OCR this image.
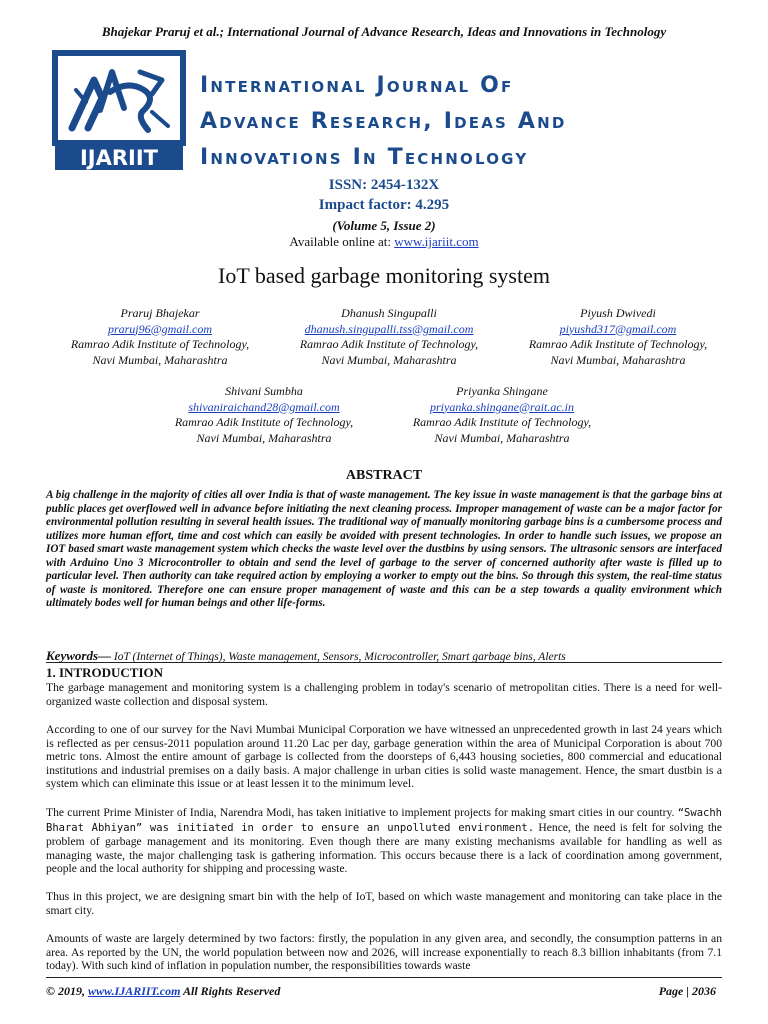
Bhajekar Praruj et al.; International Journal of Advance Research, Ideas and Innovations in Technology
IJARIIT
International Journal Of
Advance Research, Ideas And
Innovations In Technology
ISSN: 2454-132X
Impact factor: 4.295
(Volume 5, Issue 2)
Available online at: www.ijariit.com
IoT based garbage monitoring system
Praruj Bhajekar
praruj96@gmail.com
Ramrao Adik Institute of Technology,
Navi Mumbai, Maharashtra
Dhanush Singupalli
dhanush.singupalli.tss@gmail.com
Ramrao Adik Institute of Technology,
Navi Mumbai, Maharashtra
Piyush Dwivedi
piyushd317@gmail.com
Ramrao Adik Institute of Technology,
Navi Mumbai, Maharashtra
Shivani Sumbha
shivaniraichand28@gmail.com
Ramrao Adik Institute of Technology,
Navi Mumbai, Maharashtra
Priyanka Shingane
priyanka.shingane@rait.ac.in
Ramrao Adik Institute of Technology,
Navi Mumbai, Maharashtra
ABSTRACT
A big challenge in the majority of cities all over India is that of waste management. The key issue in waste management is that the garbage bins at public places get overflowed well in advance before initiating the next cleaning process. Improper management of waste can be a major factor for environmental pollution resulting in several health issues. The traditional way of manually monitoring garbage bins is a cumbersome process and utilizes more human effort, time and cost which can easily be avoided with present technologies. In order to handle such issues, we propose an IOT based smart waste management system which checks the waste level over the dustbins by using sensors. The ultrasonic sensors are interfaced with Arduino Uno 3 Microcontroller to obtain and send the level of garbage to the server of concerned authority after waste is filled up to particular level. Then authority can take required action by employing a worker to empty out the bins. So through this system, the real-time status of waste is monitored. Therefore one can ensure proper management of waste and this can be a step towards a quality environment which ultimately bodes well for human beings and other life-forms.
Keywords— IoT (Internet of Things), Waste management, Sensors, Microcontroller, Smart garbage bins, Alerts
1. INTRODUCTION
The garbage management and monitoring system is a challenging problem in today's scenario of metropolitan cities. There is a need for well-organized waste collection and disposal system.
According to one of our survey for the Navi Mumbai Municipal Corporation we have witnessed an unprecedented growth in last 24 years which is reflected as per census-2011 population around 11.20 Lac per day, garbage generation within the area of Municipal Corporation is about 700 metric tons. Almost the entire amount of garbage is collected from the doorsteps of 6,443 housing societies, 800 commercial and educational institutions and industrial premises on a daily basis. A major challenge in urban cities is solid waste management. Hence, the smart dustbin is a system which can eliminate this issue or at least lessen it to the minimum level.
The current Prime Minister of India, Narendra Modi, has taken initiative to implement projects for making smart cities in our country. “Swachh Bharat Abhiyan” was initiated in order to ensure an unpolluted environment. Hence, the need is felt for solving the problem of garbage management and its monitoring. Even though there are many existing mechanisms available for handling as well as managing waste, the major challenging task is gathering information. This occurs because there is a lack of coordination among government, people and the local authority for shipping and processing waste.
Thus in this project, we are designing smart bin with the help of IoT, based on which waste management and monitoring can take place in the smart city.
Amounts of waste are largely determined by two factors: firstly, the population in any given area, and secondly, the consumption patterns in an area. As reported by the UN, the world population between now and 2026, will increase exponentially to reach 8.3 billion inhabitants (from 7.1 today). With such kind of inflation in population number, the responsibilities towards waste
© 2019, www.IJARIIT.com All Rights Reserved	Page | 2036
